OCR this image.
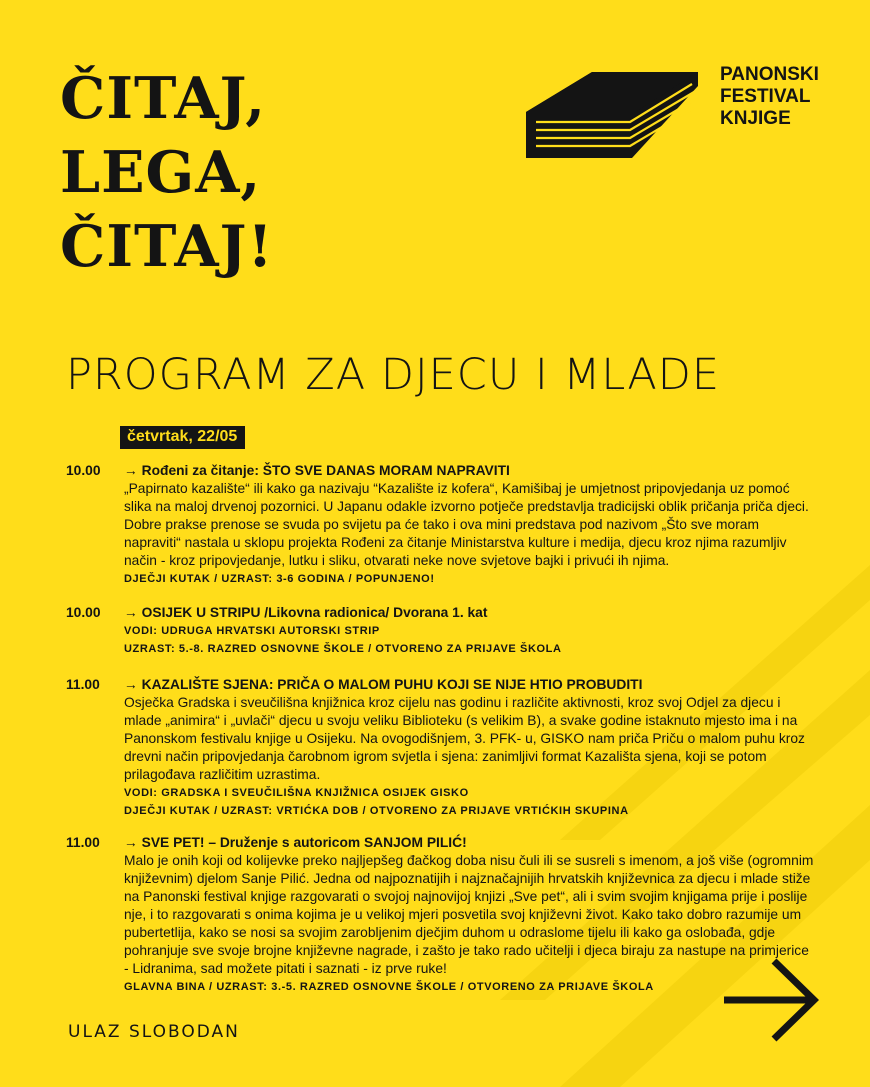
ČITAJ,
LEGA,
ČITAJ!
PANONSKI
FESTIVAL
KNJIGE
PROGRAM ZA DJECU I MLADE
četvrtak, 22/05
10.00 → Rođeni za čitanje: ŠTO SVE DANAS MORAM NAPRAVITI

„Papirnato kazalište“ ili kako ga nazivaju “Kazalište iz kofera“, Kamišibaj je umjetnost pripovjedanja uz pomoć slika na maloj drvenoj pozornici. U Japanu odakle izvorno potječe predstavlja tradicijski oblik pričanja priča djeci. Dobre prakse prenose se svuda po svijetu pa će tako i ova mini predstava pod nazivom „Što sve moram napraviti“ nastala u sklopu projekta Rođeni za čitanje Ministarstva kulture i medija, djecu kroz njima razumljiv način - kroz pripovjedanje, lutku i sliku, otvarati neke nove svjetove bajki i privući ih njima.

DJEČJI KUTAK / UZRAST: 3-6 GODINA / POPUNJENO!
10.00 → OSIJEK U STRIPU /Likovna radionica/ Dvorana 1. kat
VODI: UDRUGA HRVATSKI AUTORSKI STRIP
UZRAST: 5.-8. RAZRED OSNOVNE ŠKOLE / OTVORENO ZA PRIJAVE ŠKOLA
11.00 → KAZALIŠTE SJENA: PRIČA O MALOM PUHU KOJI SE NIJE HTIO PROBUDITI

Osječka Gradska i sveučilišna knjižnica kroz cijelu nas godinu i različite aktivnosti, kroz svoj Odjel za djecu i mlade „animira“ i „uvlači“ djecu u svoju veliku Biblioteku (s velikim B), a svake godine istaknuto mjesto ima i na Panonskom festivalu knjige u Osijeku. Na ovogodišnjem, 3. PFK- u, GISKO nam priča Priču o malom puhu kroz drevni način pripovjedanja čarobnom igrom svjetla i sjena: zanimljivi format Kazališta sjena, koji se potom prilagođava različitim uzrastima.

VODI: GRADSKA I SVEUČILIŠNA KNJIŽNICA OSIJEK GISKO
DJEČJI KUTAK / UZRAST: VRTIĆKA DOB / OTVORENO ZA PRIJAVE VRTIĆKIH SKUPINA
11.00 → SVE PET! – Druženje s autoricom SANJOM PILIĆ!

Malo je onih koji od kolijevke preko najljepšeg đačkog doba nisu čuli ili se susreli s imenom, a još više (ogromnim književnim) djelom Sanje Pilić. Jedna od najpoznatijih i najznačajnijih hrvatskih književnica za djecu i mlade stiže na Panonski festival knjige razgovarati o svojoj najnovijoj knjizi „Sve pet“, ali i svim svojim knjigama prije i poslije nje, i to razgovarati s onima kojima je u velikoj mjeri posvetila svoj književni život. Kako tako dobro razumije um pubertetlija, kako se nosi sa svojim zarobljenim dječjim duhom u odraslome tijelu ili kako ga oslobađa, gdje pohranjuje sve svoje brojne književne nagrade, i zašto je tako rado učitelji i djeca biraju za nastupe na primjerice - Lidranima, sad možete pitati i saznati - iz prve ruke!

GLAVNA BINA / UZRAST: 3.-5. RAZRED OSNOVNE ŠKOLE / OTVORENO ZA PRIJAVE ŠKOLA
ULAZ SLOBODAN
